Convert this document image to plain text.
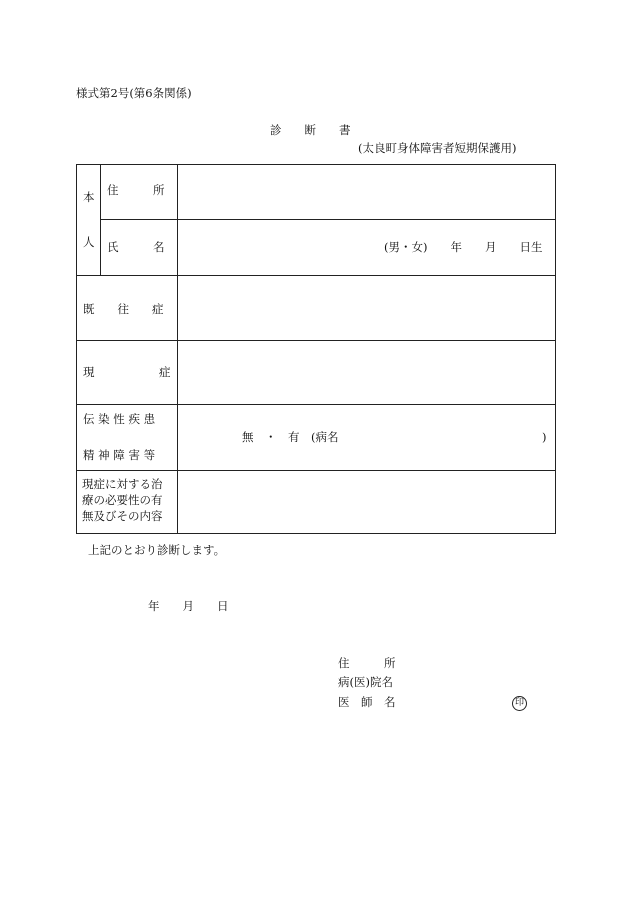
様式第2号(第6条関係)
診　　断　　書
(太良町身体障害者短期保護用)
本
人
住　　　所
氏　　　名	(男・女)　　年　　月　　日生
既　　往　　症
現	症
伝 染 性 疾 患
精 神 障 害 等
無　・　有　(病名	)
現症に対する治
療の必要性の有
無及びその内容
上記のとおり診断します。
年　　月　　日
住　　　所
病(医)院名
医　師　名	印
